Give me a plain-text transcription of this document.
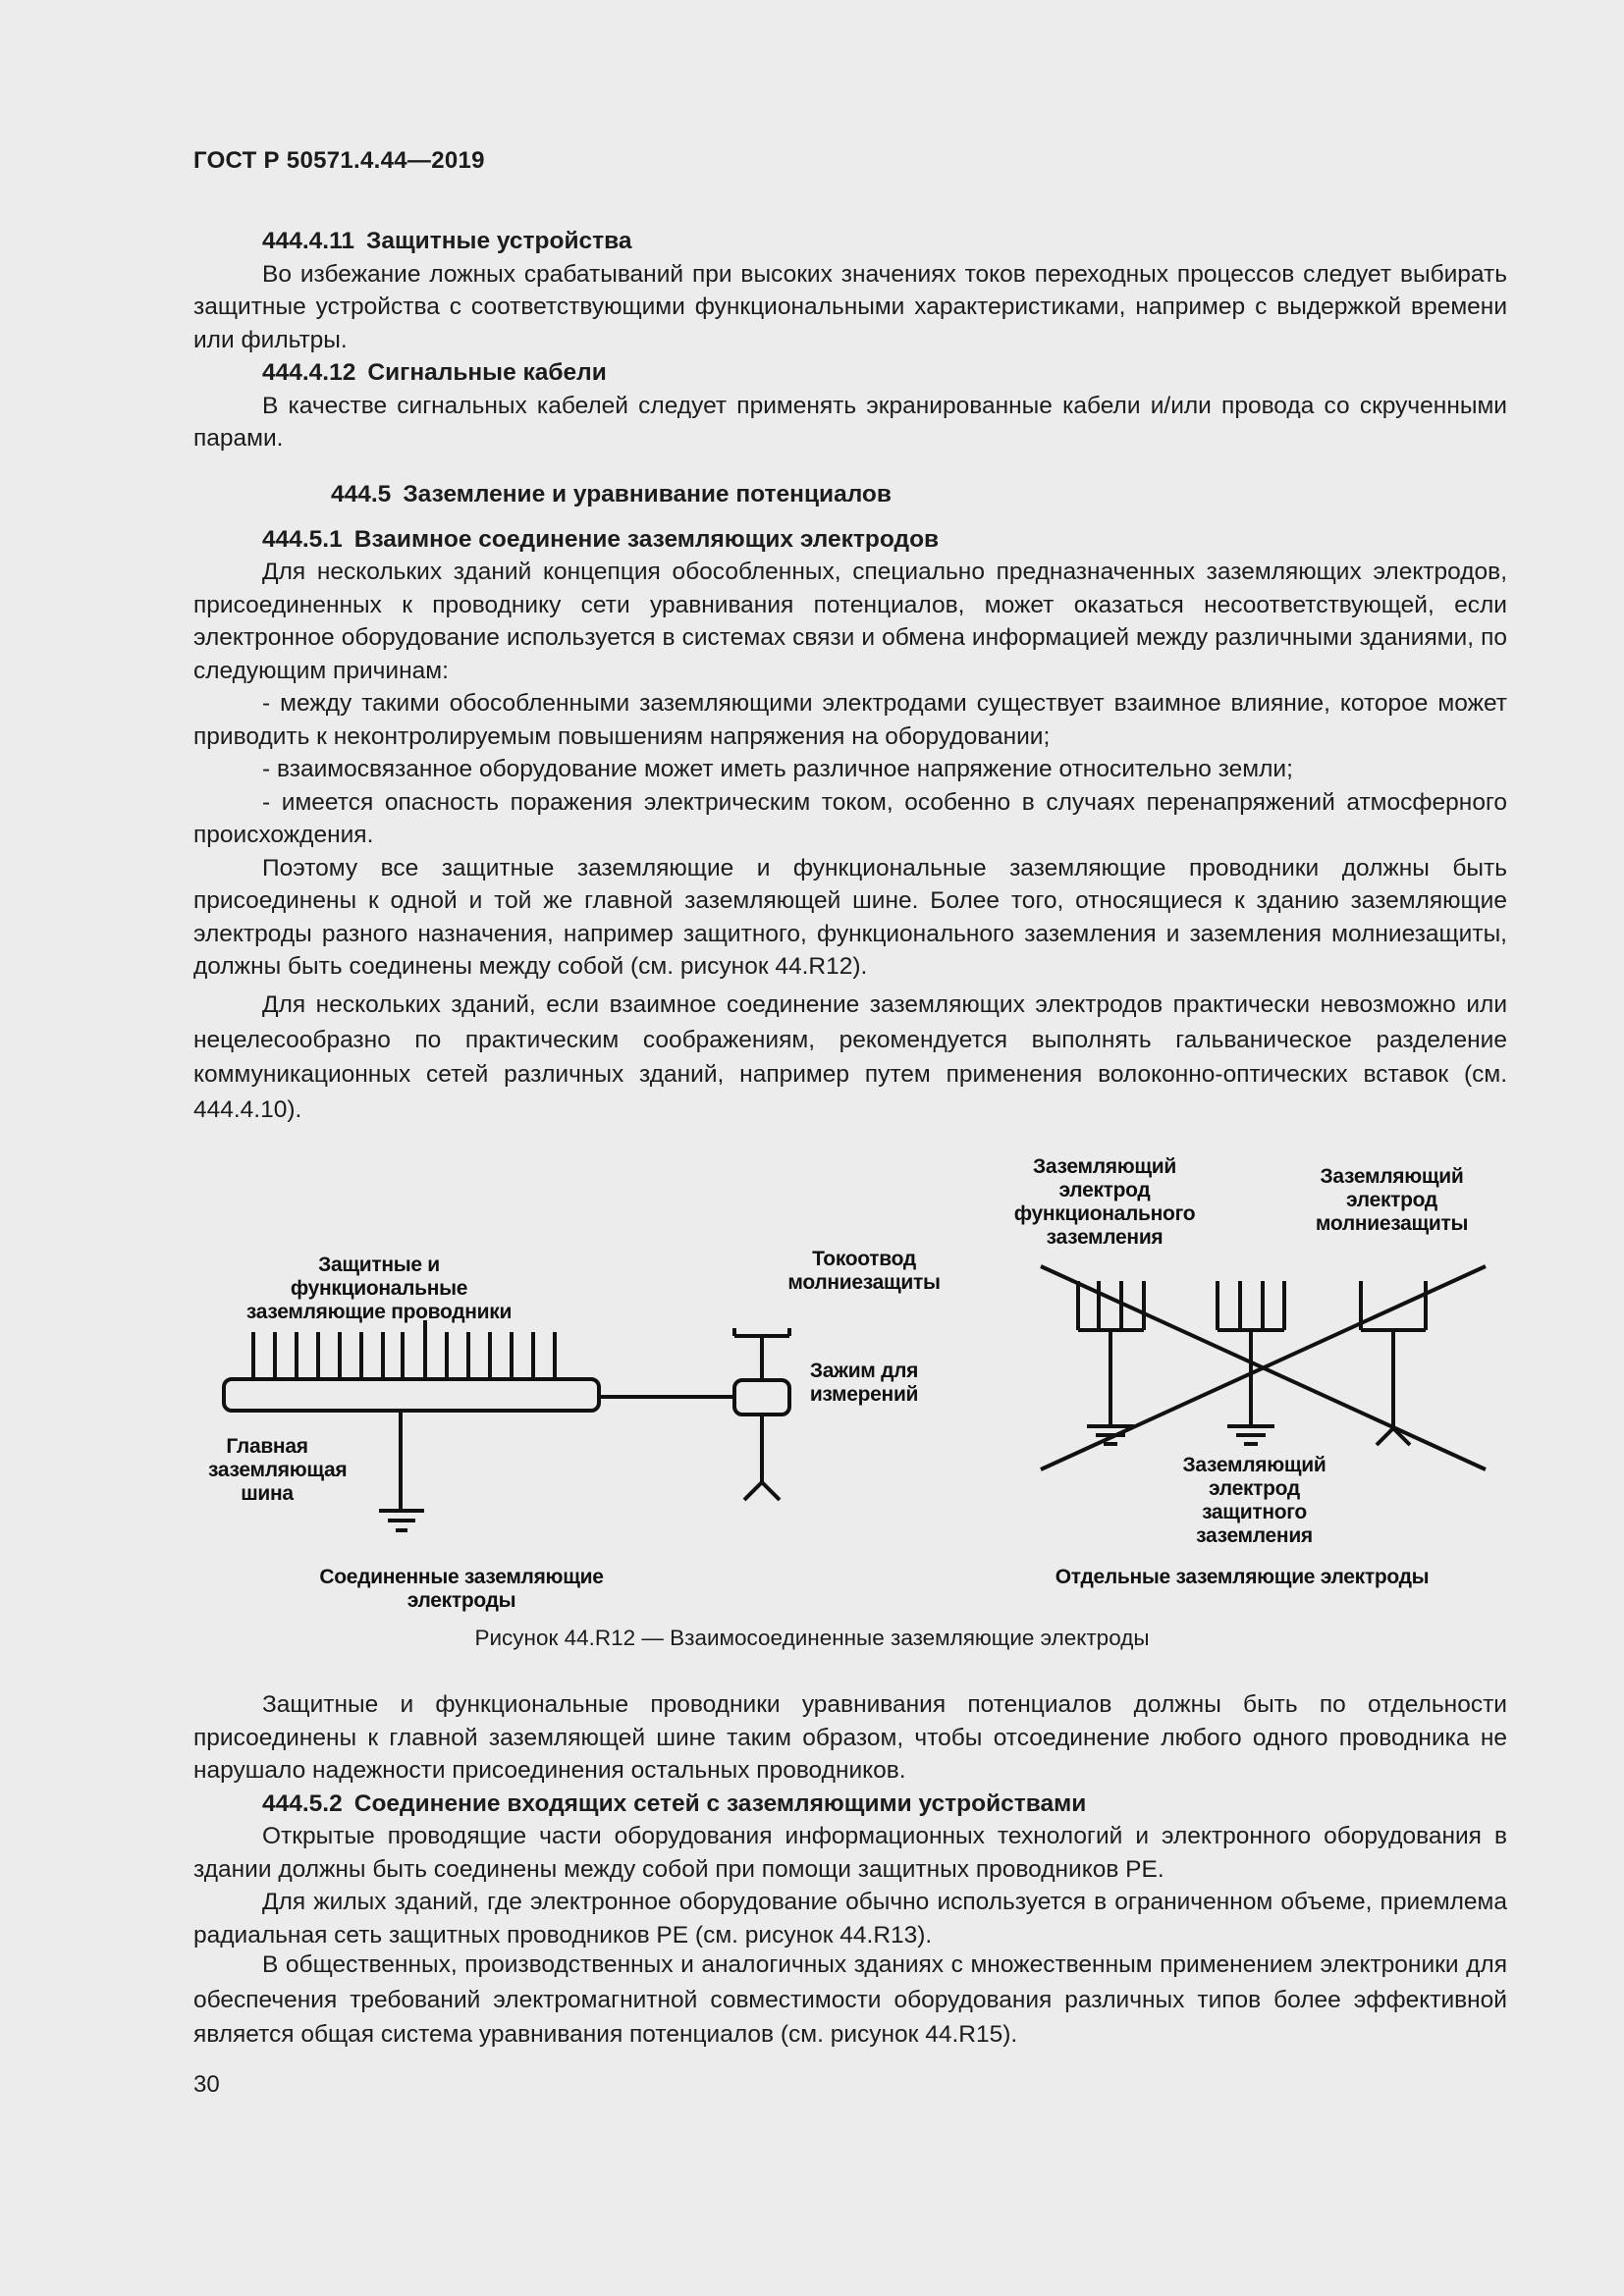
ГОСТ Р 50571.4.44—2019

444.4.11 Защитные устройства

Во избежание ложных срабатываний при высоких значениях токов переходных процессов следует выбирать защитные устройства с соответствующими функциональными характеристиками, например с выдержкой времени или фильтры.

444.4.12 Сигнальные кабели

В качестве сигнальных кабелей следует применять экранированные кабели и/или провода со скрученными парами.

444.5 Заземление и уравнивание потенциалов

444.5.1 Взаимное соединение заземляющих электродов

Для нескольких зданий концепция обособленных, специально предназначенных заземляющих электродов, присоединенных к проводнику сети уравнивания потенциалов, может оказаться несоответствующей, если электронное оборудование используется в системах связи и обмена информацией между различными зданиями, по следующим причинам:

- между такими обособленными заземляющими электродами существует взаимное влияние, которое может приводить к неконтролируемым повышениям напряжения на оборудовании;

- взаимосвязанное оборудование может иметь различное напряжение относительно земли;

- имеется опасность поражения электрическим током, особенно в случаях перенапряжений атмосферного происхождения.

Поэтому все защитные заземляющие и функциональные заземляющие проводники должны быть присоединены к одной и той же главной заземляющей шине. Более того, относящиеся к зданию заземляющие электроды разного назначения, например защитного, функционального заземления и заземления молниезащиты, должны быть соединены между собой (см. рисунок 44.R12).

Для нескольких зданий, если взаимное соединение заземляющих электродов практически невозможно или нецелесообразно по практическим соображениям, рекомендуется выполнять гальваническое разделение коммуникационных сетей различных зданий, например путем применения волоконно-оптических вставок (см. 444.4.10).

Защитные и функциональные заземляющие проводники
Главная заземляющая шина
Токоотвод молниезащиты
Зажим для измерений
Соединенные заземляющие электроды
Заземляющий электрод функционального заземления
Заземляющий электрод молниезащиты
Заземляющий электрод защитного заземления
Отдельные заземляющие электроды
Рисунок 44.R12 — Взаимосоединенные заземляющие электроды

Защитные и функциональные проводники уравнивания потенциалов должны быть по отдельности присоединены к главной заземляющей шине таким образом, чтобы отсоединение любого одного проводника не нарушало надежности присоединения остальных проводников.

444.5.2 Соединение входящих сетей с заземляющими устройствами

Открытые проводящие части оборудования информационных технологий и электронного оборудования в здании должны быть соединены между собой при помощи защитных проводников PE.

Для жилых зданий, где электронное оборудование обычно используется в ограниченном объеме, приемлема радиальная сеть защитных проводников PE (см. рисунок 44.R13).

В общественных, производственных и аналогичных зданиях с множественным применением электроники для обеспечения требований электромагнитной совместимости оборудования различных типов более эффективной является общая система уравнивания потенциалов (см. рисунок 44.R15).

30
